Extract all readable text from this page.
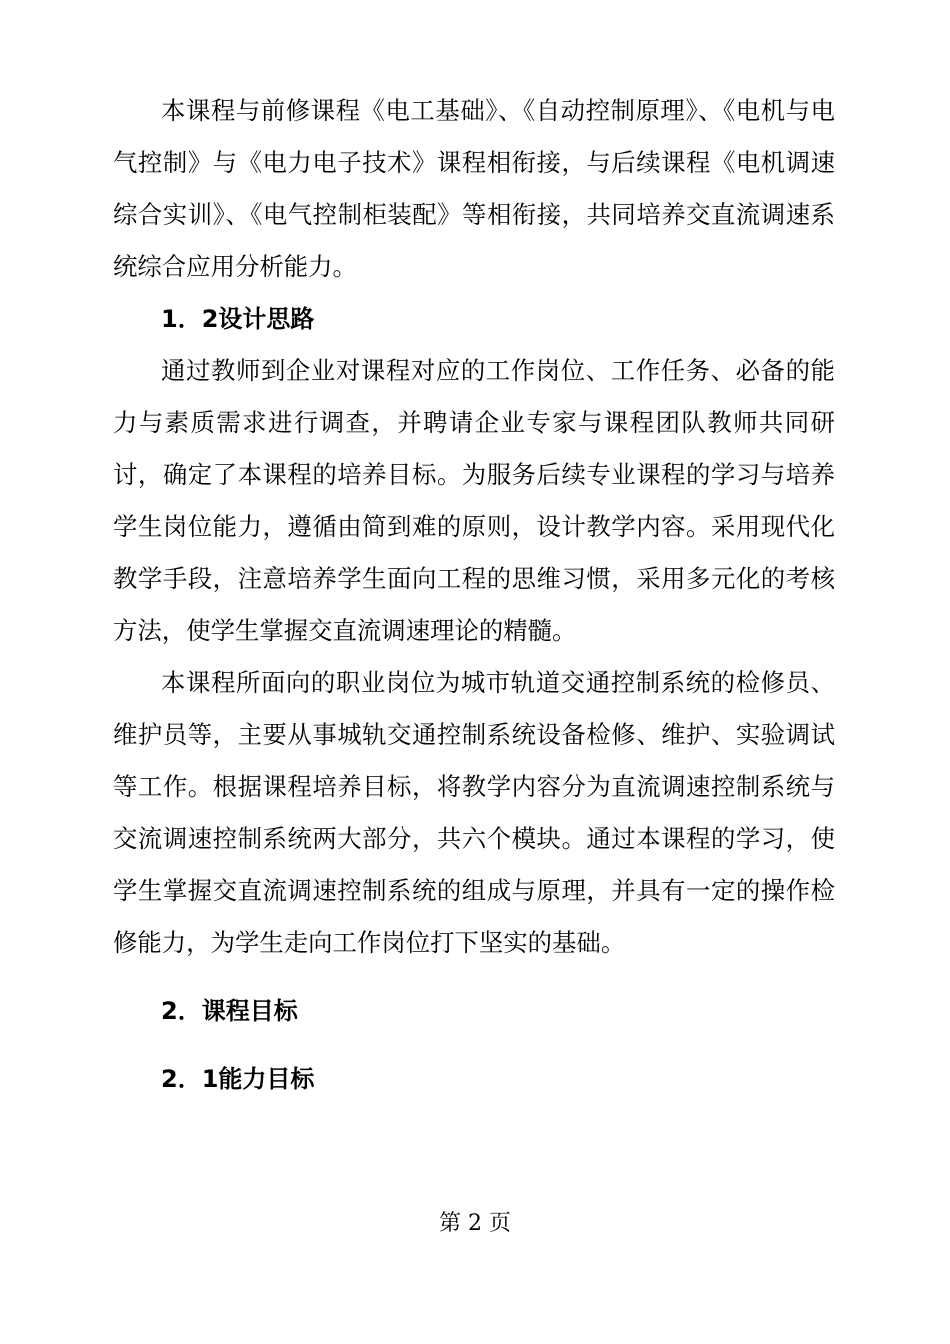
本课程与前修课程《电工基础》、《自动控制原理》、《电机与电气控制》与《电力电子技术》课程相衔接，与后续课程《电机调速综合实训》、《电气控制柜装配》等相衔接，共同培养交直流调速系统综合应用分析能力。

1．2设计思路

通过教师到企业对课程对应的工作岗位、工作任务、必备的能力与素质需求进行调查，并聘请企业专家与课程团队教师共同研讨，确定了本课程的培养目标。为服务后续专业课程的学习与培养学生岗位能力，遵循由简到难的原则，设计教学内容。采用现代化教学手段，注意培养学生面向工程的思维习惯，采用多元化的考核方法，使学生掌握交直流调速理论的精髓。

本课程所面向的职业岗位为城市轨道交通控制系统的检修员、维护员等，主要从事城轨交通控制系统设备检修、维护、实验调试等工作。根据课程培养目标，将教学内容分为直流调速控制系统与交流调速控制系统两大部分，共六个模块。通过本课程的学习，使学生掌握交直流调速控制系统的组成与原理，并具有一定的操作检修能力，为学生走向工作岗位打下坚实的基础。

2．课程目标

2．1能力目标

第 2 页
